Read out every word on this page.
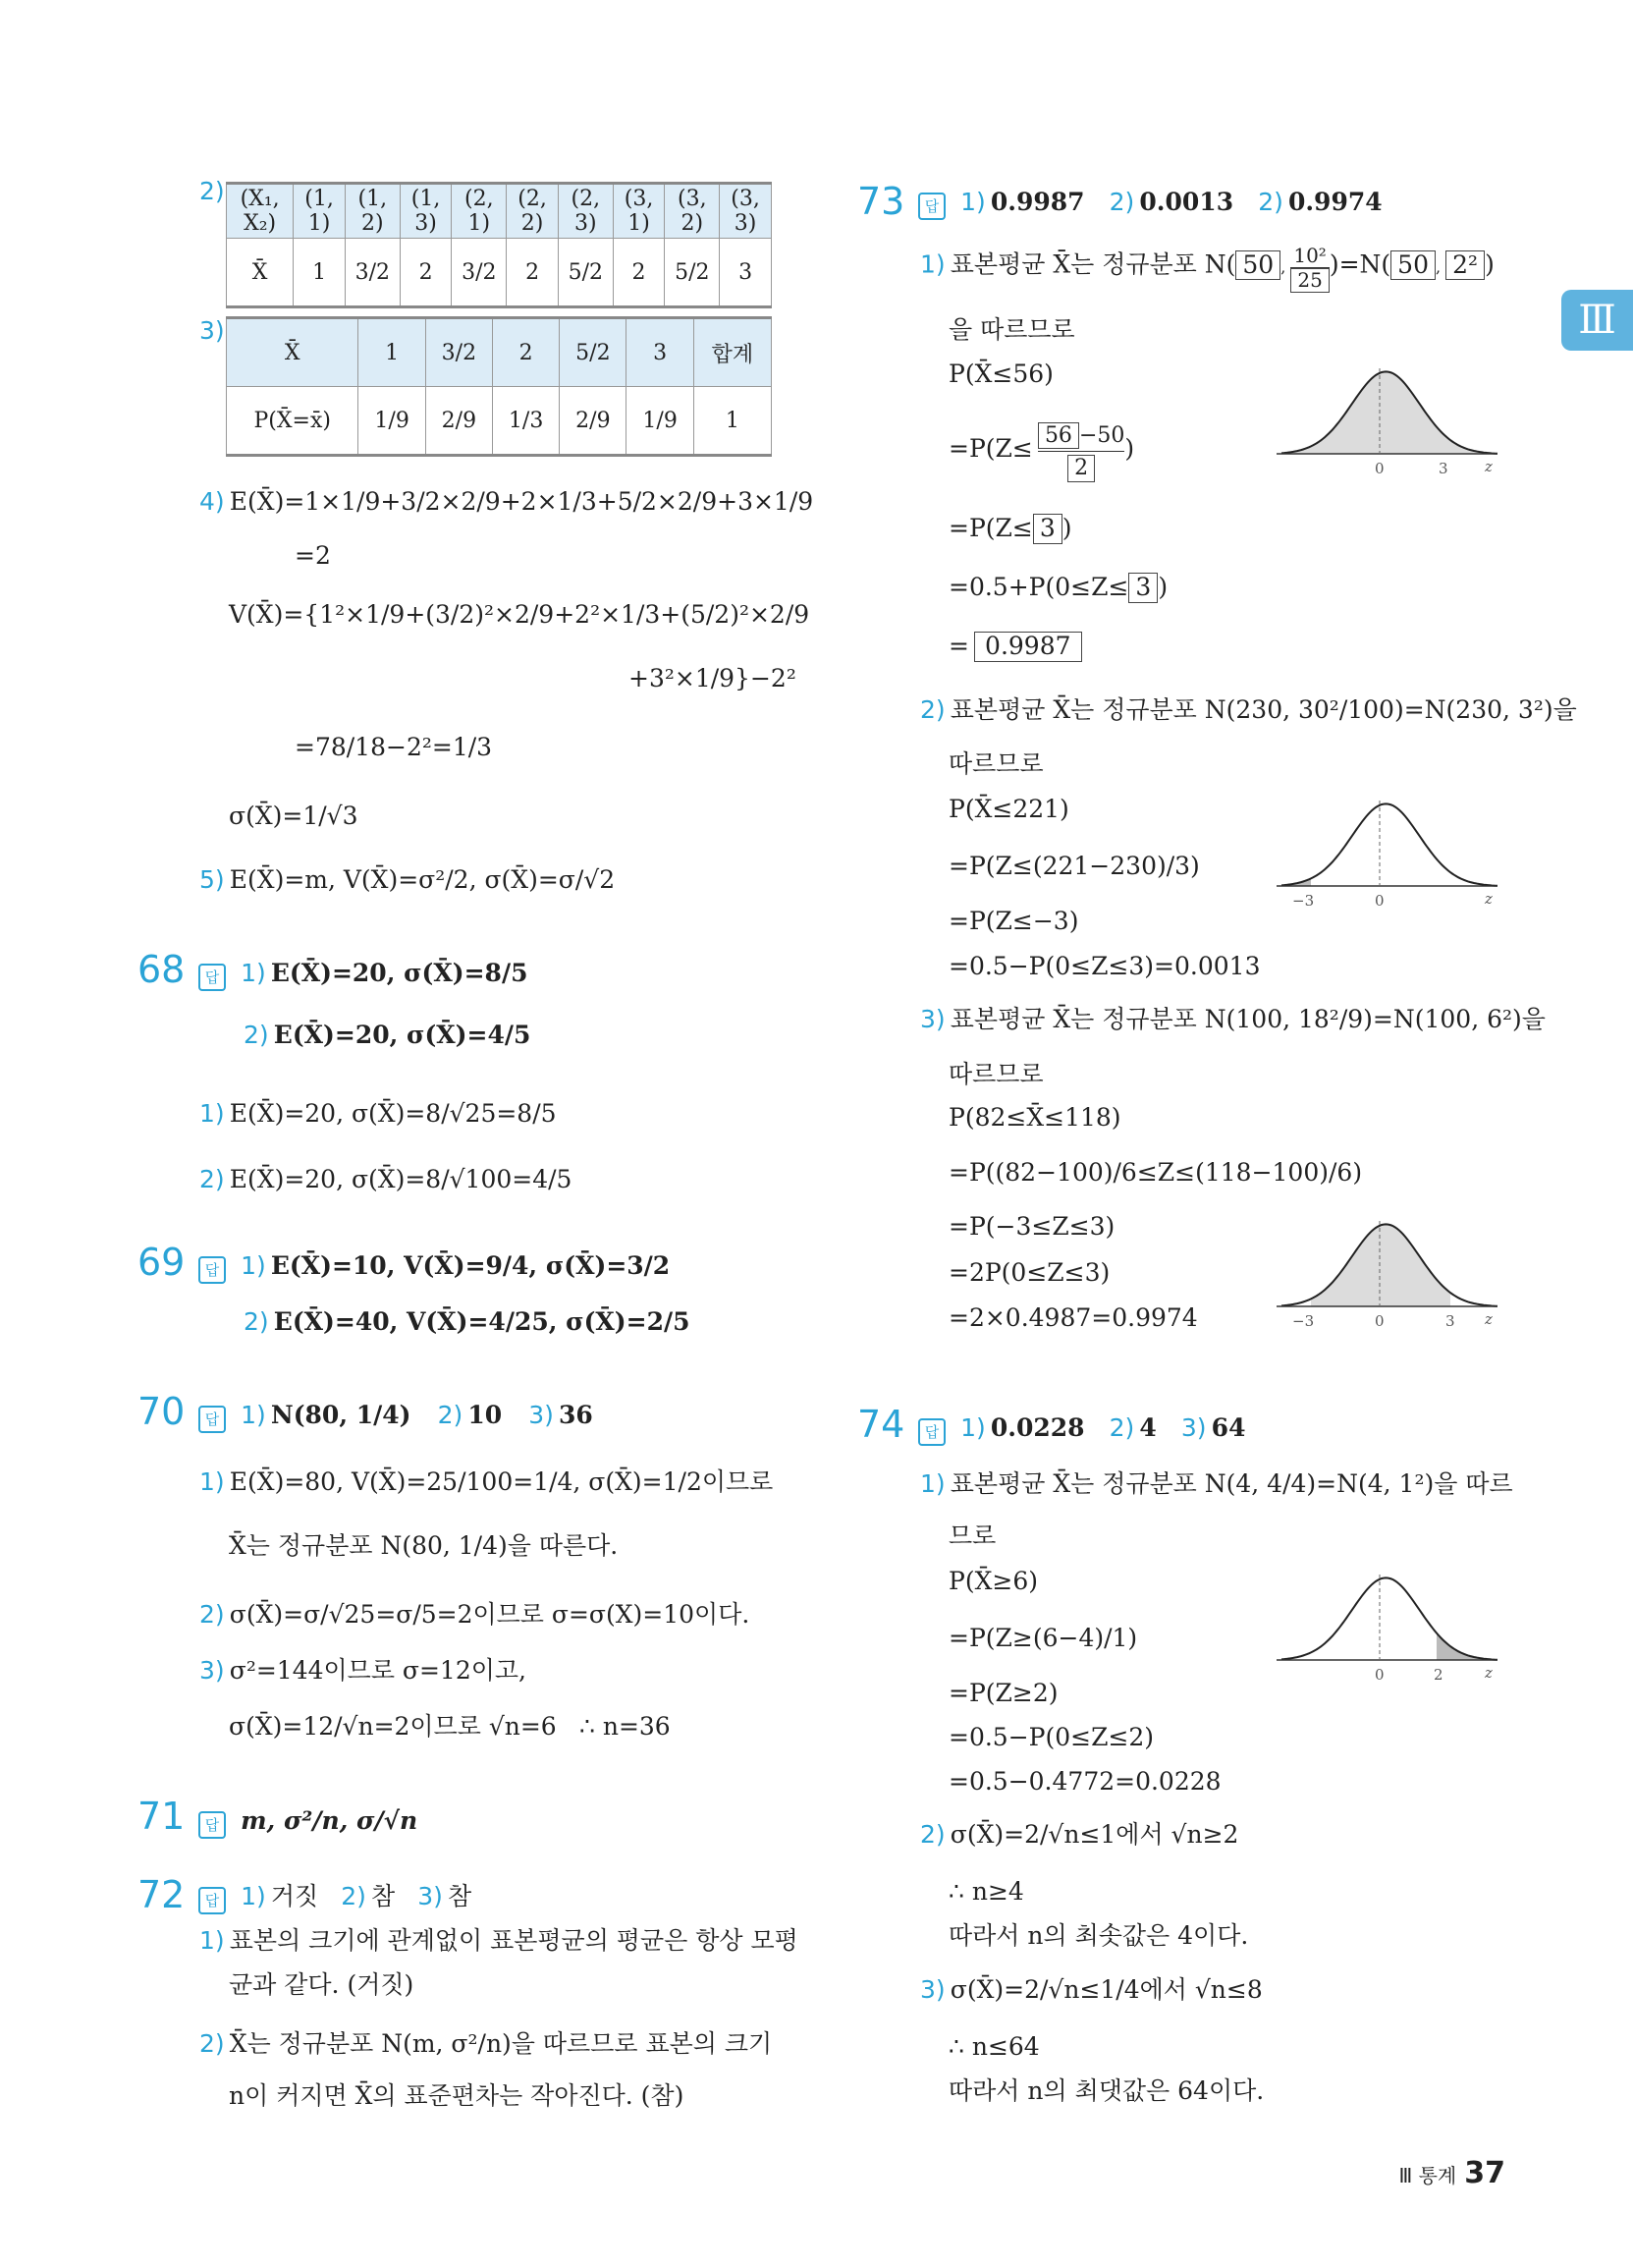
Ⅲ
2) (X₁, X₂)	(1, 1)	(1, 2)	(1, 3)	(2, 1)	(2, 2)	(2, 3)	(3, 1)	(3, 2)	(3, 3)
X̄	1	3/2	2	3/2	2	5/2	2	5/2	3
3)
X̄	1	3/2	2	5/2	3	합계
P(X̄=x̄)	1/9	2/9	1/3	2/9	1/9	1
4) E(X̄)=1×1/9+3/2×2/9+2×1/3+5/2×2/9+3×1/9

=2

V(X̄)={1²×1/9+(3/2)²×2/9+2²×1/3+(5/2)²×2/9

+3²×1/9}−2²

=78/18−2²=1/3

σ(X̄)=1/√3

5) E(X̄)=m, V(X̄)=σ²/2, σ(X̄)=σ/√2
68	답 1) E(X̄)=20, σ(X̄)=8/5
2) E(X̄)=20, σ(X̄)=4/5
1) E(X̄)=20, σ(X̄)=8/√25=8/5
2) E(X̄)=20, σ(X̄)=8/√100=4/5
69	답 1) E(X̄)=10, V(X̄)=9/4, σ(X̄)=3/2
2) E(X̄)=40, V(X̄)=4/25, σ(X̄)=2/5
70	답 1) N(80, 1/4) 2) 10 3) 36
1) E(X̄)=80, V(X̄)=25/100=1/4, σ(X̄)=1/2이므로

X̄는 정규분포 N(80, 1/4)을 따른다.

2) σ(X̄)=σ/√25=σ/5=2이므로 σ=σ(X)=10이다.
3) σ²=144이므로 σ=12이고,

σ(X̄)=12/√n=2이므로 √n=6 ∴ n=36

71	답 m, σ²/n, σ/√n
72	답 1) 거짓 2) 참 3) 참
1) 표본의 크기에 관계없이 표본평균의 평균은 항상 모평

균과 같다. (거짓)

2) X̄는 정규분포 N(m, σ²/n)을 따르므로 표본의 크기

n이 커지면 X̄의 표준편차는 작아진다. (참)

73	답 1) 0.9987 2) 0.0013 2) 0.9974
1) 표본평균 X̄는 정규분포 N( 50 , $\frac{\text{10²}}{25})=N$( 50 , 2² )

을 따르므로

P(X̄≤56)

$=P(Z\le \frac{56 -50}{2})$
=P(Z≤ 3 )
=0.5+P(0≤Z≤ 3 )
= 0.9987
0	3 z
2) 표본평균 X̄는 정규분포 N(230, 30²/100)=N(230, 3²)을

따르므로

P(X̄≤221)

=P(Z≤(221−230)/3)

=P(Z≤−3)

=0.5−P(0≤Z≤3)=0.0013

−3	0	z
3) 표본평균 X̄는 정규분포 N(100, 18²/9)=N(100, 6²)을

따르므로

P(82≤X̄≤118)

=P((82−100)/6≤Z≤(118−100)/6)

=P(−3≤Z≤3)

=2P(0≤Z≤3)

=2×0.4987=0.9974	−3	0	3 z
74	답 1) 0.0228 2) 4 3) 64
1) 표본평균 X̄는 정규분포 N(4, 4/4)=N(4, 1²)을 따르

므로

P(X̄≥6)

=P(Z≥(6−4)/1)

=P(Z≥2)

=0.5−P(0≤Z≤2)

=0.5−0.4772=0.0228

0	2	z
2) σ(X̄)=2/√n≤1에서 √n≥2

∴ n≥4

따라서 n의 최솟값은 4이다.

3) σ(X̄)=2/√n≤1/4에서 √n≤8

∴ n≤64

따라서 n의 최댓값은 64이다.

Ⅲ 통계 37
